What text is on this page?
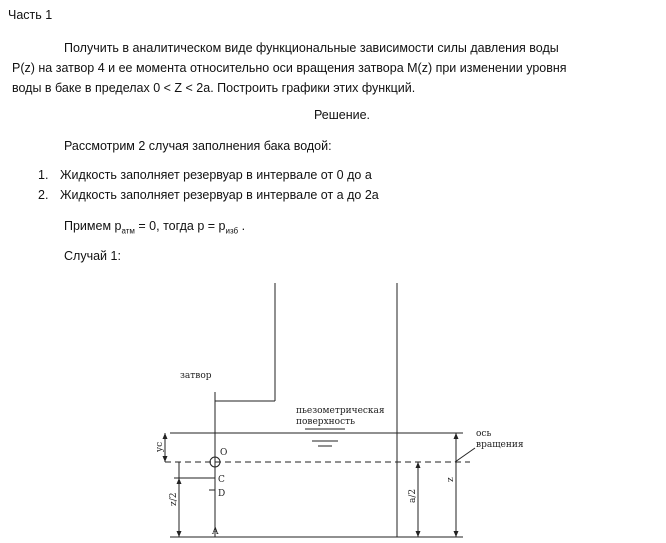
Часть 1
Получить в аналитическом виде функциональные зависимости силы давления воды
P(z) на затвор 4 и ее момента относительно оси вращения затвора M(z) при изменении уровня
воды в баке в пределах 0 < Z < 2a. Построить графики этих функций.
Решение.
Рассмотрим 2 случая заполнения бака водой:
1. Жидкость заполняет резервуар в интервале от 0 до a
2. Жидкость заполняет резервуар в интервале от a до 2a
Примем $p_{атм} = 0$, тогда $p = p_{изб}$ .
Случай 1:
затвор
пьезометрическая
поверхность
ось
вращения
O
C
D
A
yc
z/2	a/2
z
